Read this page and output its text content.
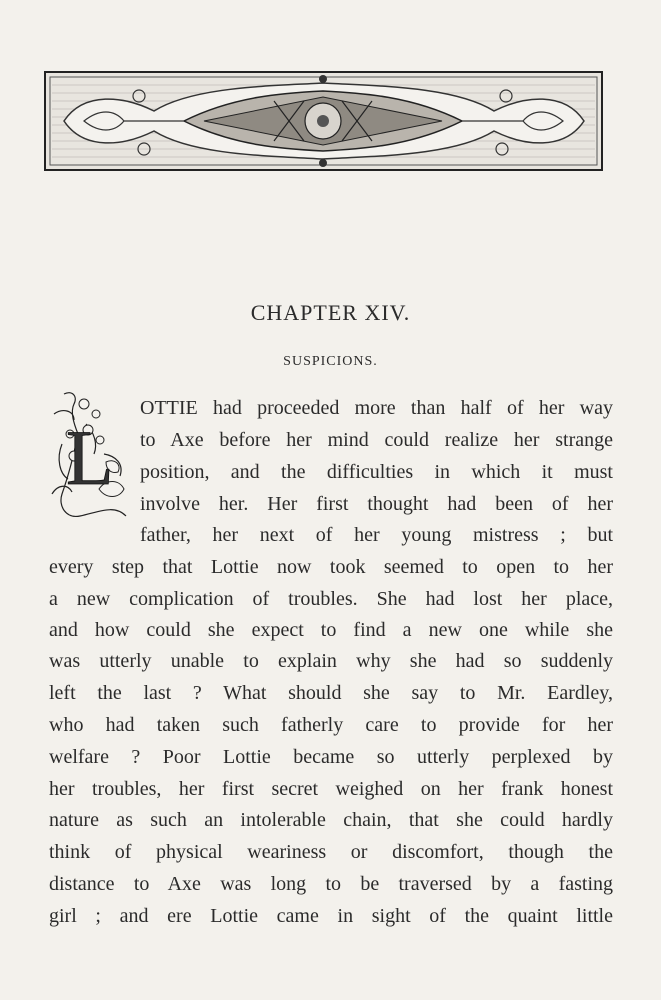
CHAPTER XIV.
SUSPICIONS.
L
OTTIE had proceeded more than half of her way
to Axe before her mind could realize her strange
position, and the difficulties in which it must
involve her. Her first thought had been of her
father, her next of her young mistress ; but
every step that Lottie now took seemed to open to her
a new complication of troubles. She had lost her place,
and how could she expect to find a new one while she
was utterly unable to explain why she had so suddenly
left the last ? What should she say to Mr. Eardley,
who had taken such fatherly care to provide for her
welfare ? Poor Lottie became so utterly perplexed by
her troubles, her first secret weighed on her frank honest
nature as such an intolerable chain, that she could hardly
think of physical weariness or discomfort, though the
distance to Axe was long to be traversed by a fasting
girl ; and ere Lottie came in sight of the quaint little
